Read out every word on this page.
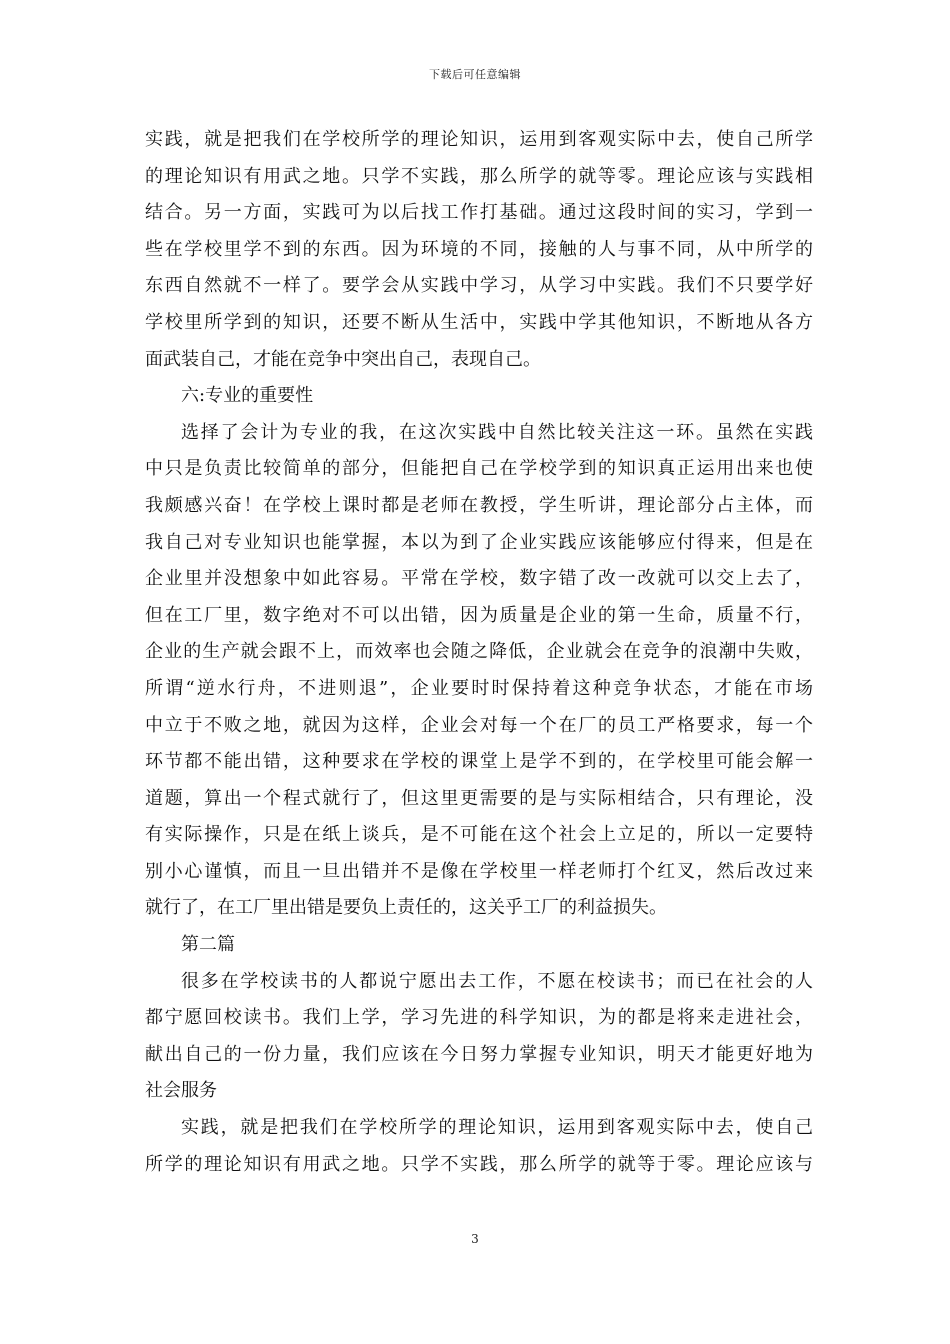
下载后可任意编辑
实践，就是把我们在学校所学的理论知识，运用到客观实际中去，使自己所学
的理论知识有用武之地。只学不实践，那么所学的就等零。理论应该与实践相
结合。另一方面，实践可为以后找工作打基础。通过这段时间的实习，学到一
些在学校里学不到的东西。因为环境的不同，接触的人与事不同，从中所学的
东西自然就不一样了。要学会从实践中学习，从学习中实践。我们不只要学好
学校里所学到的知识，还要不断从生活中，实践中学其他知识，不断地从各方
面武装自己，才能在竞争中突出自己，表现自己。
六:专业的重要性
选择了会计为专业的我，在这次实践中自然比较关注这一环。虽然在实践
中只是负责比较简单的部分，但能把自己在学校学到的知识真正运用出来也使
我颇感兴奋！在学校上课时都是老师在教授，学生听讲，理论部分占主体，而
我自己对专业知识也能掌握，本以为到了企业实践应该能够应付得来，但是在
企业里并没想象中如此容易。平常在学校，数字错了改一改就可以交上去了，
但在工厂里，数字绝对不可以出错，因为质量是企业的第一生命，质量不行，
企业的生产就会跟不上，而效率也会随之降低，企业就会在竞争的浪潮中失败，
所谓“逆水行舟，不进则退”，企业要时时保持着这种竞争状态，才能在市场
中立于不败之地，就因为这样，企业会对每一个在厂的员工严格要求，每一个
环节都不能出错，这种要求在学校的课堂上是学不到的，在学校里可能会解一
道题，算出一个程式就行了，但这里更需要的是与实际相结合，只有理论，没
有实际操作，只是在纸上谈兵，是不可能在这个社会上立足的，所以一定要特
别小心谨慎，而且一旦出错并不是像在学校里一样老师打个红叉，然后改过来
就行了，在工厂里出错是要负上责任的，这关乎工厂的利益损失。
第二篇
很多在学校读书的人都说宁愿出去工作，不愿在校读书；而已在社会的人
都宁愿回校读书。我们上学，学习先进的科学知识，为的都是将来走进社会，
献出自己的一份力量，我们应该在今日努力掌握专业知识，明天才能更好地为
社会服务
实践，就是把我们在学校所学的理论知识，运用到客观实际中去，使自己
所学的理论知识有用武之地。只学不实践，那么所学的就等于零。理论应该与
3
